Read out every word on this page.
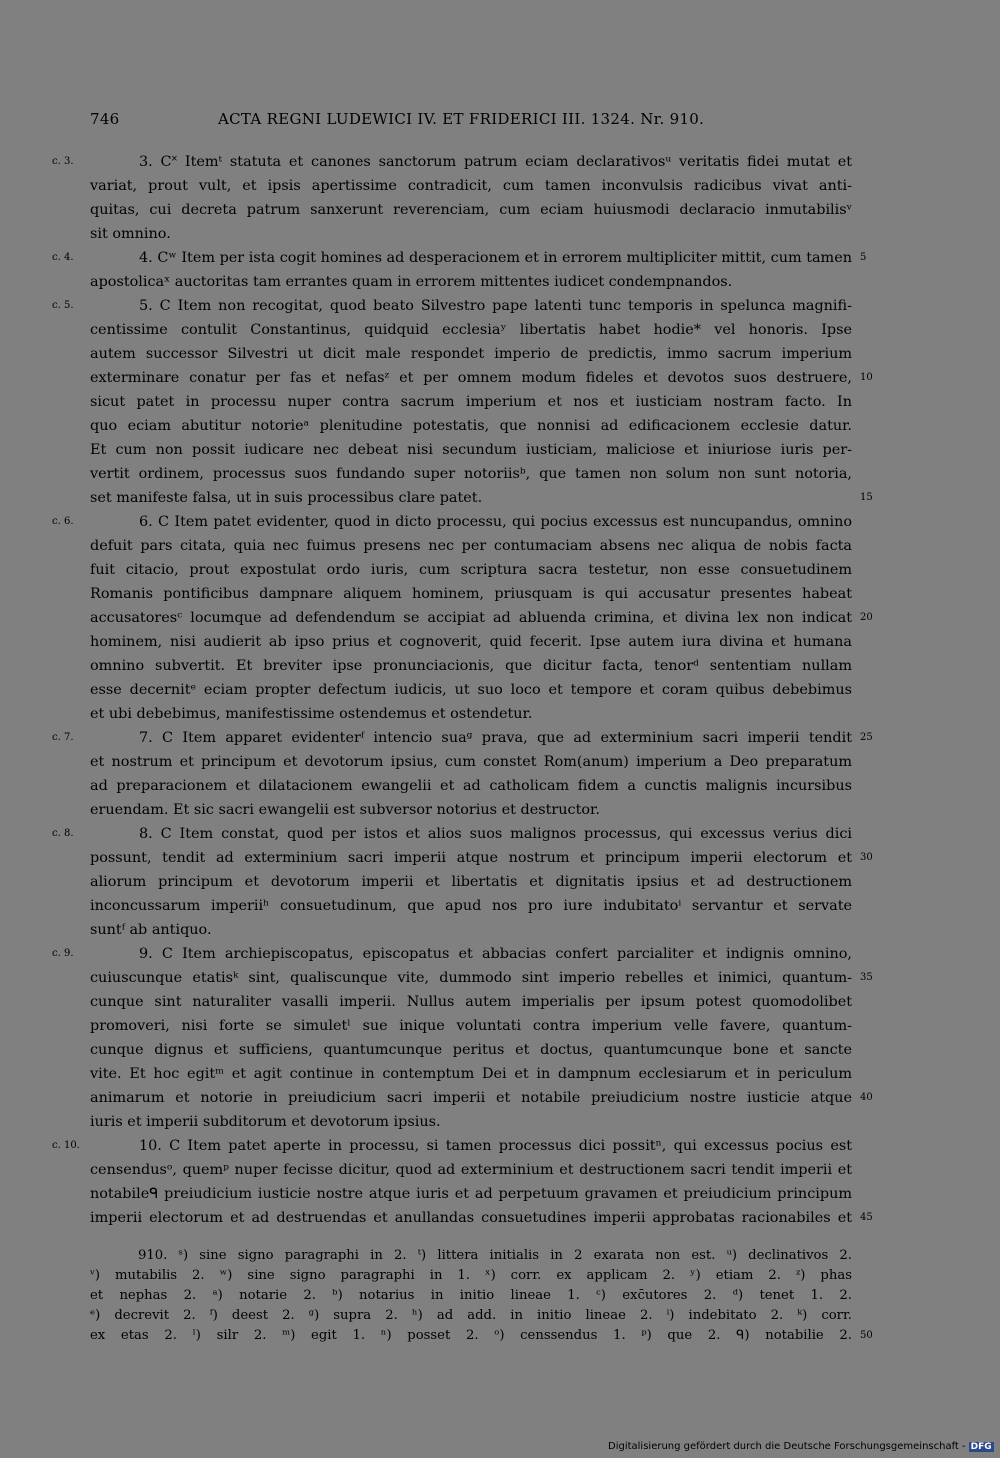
746	ACTA REGNI LUDEWICI IV. ET FRIDERICI III. 1324. Nr. 910.
3. C˟ Itemᵗ statuta et canones sanctorum patrum eciam declarativosᵘ veritatis fidei mutat et
variat, prout vult, et ipsis apertissime contradicit, cum tamen inconvulsis radicibus vivat anti-
quitas, cui decreta patrum sanxerunt reverenciam, cum eciam huiusmodi declaracio inmutabilisᵛ
sit omnino.
4. Cʷ Item per ista cogit homines ad desperacionem et in errorem multipliciter mittit, cum tamen
apostolicaˣ auctoritas tam errantes quam in errorem mittentes iudicet condempnandos.
5. C Item non recogitat, quod beato Silvestro pape latenti tunc temporis in spelunca magnifi-
centissime contulit Constantinus, quidquid ecclesiaʸ libertatis habet hodie* vel honoris. Ipse
autem successor Silvestri ut dicit male respondet imperio de predictis, immo sacrum imperium
exterminare conatur per fas et nefasᶻ et per omnem modum fideles et devotos suos destruere,
sicut patet in processu nuper contra sacrum imperium et nos et iusticiam nostram facto. In
quo eciam abutitur notorieᵃ plenitudine potestatis, que nonnisi ad edificacionem ecclesie datur.
Et cum non possit iudicare nec debeat nisi secundum iusticiam, maliciose et iniuriose iuris per-
vertit ordinem, processus suos fundando super notoriisᵇ, que tamen non solum non sunt notoria,
set manifeste falsa, ut in suis processibus clare patet.
6. C Item patet evidenter, quod in dicto processu, qui pocius excessus est nuncupandus, omnino
defuit pars citata, quia nec fuimus presens nec per contumaciam absens nec aliqua de nobis facta
fuit citacio, prout expostulat ordo iuris, cum scriptura sacra testetur, non esse consuetudinem
Romanis pontificibus dampnare aliquem hominem, priusquam is qui accusatur presentes habeat
accusatoresᶜ locumque ad defendendum se accipiat ad abluenda crimina, et divina lex non indicat
hominem, nisi audierit ab ipso prius et cognoverit, quid fecerit. Ipse autem iura divina et humana
omnino subvertit. Et breviter ipse pronunciacionis, que dicitur facta, tenorᵈ sententiam nullam
esse decernitᵉ eciam propter defectum iudicis, ut suo loco et tempore et coram quibus debebimus
et ubi debebimus, manifestissime ostendemus et ostendetur.
7. C Item apparet evidenterᶠ intencio suaᵍ prava, que ad exterminium sacri imperii tendit
et nostrum et principum et devotorum ipsius, cum constet Rom(anum) imperium a Deo preparatum
ad preparacionem et dilatacionem ewangelii et ad catholicam fidem a cunctis malignis incursibus
eruendam. Et sic sacri ewangelii est subversor notorius et destructor.
8. C Item constat, quod per istos et alios suos malignos processus, qui excessus verius dici
possunt, tendit ad exterminium sacri imperii atque nostrum et principum imperii electorum et
aliorum principum et devotorum imperii et libertatis et dignitatis ipsius et ad destructionem
inconcussarum imperiiʰ consuetudinum, que apud nos pro iure indubitatoⁱ servantur et servate
suntᶠ ab antiquo.
9. C Item archiepiscopatus, episcopatus et abbacias confert parcialiter et indignis omnino,
cuiuscunque etatisᵏ sint, qualiscunque vite, dummodo sint imperio rebelles et inimici, quantum-
cunque sint naturaliter vasalli imperii. Nullus autem imperialis per ipsum potest quomodolibet
promoveri, nisi forte se simuletˡ sue inique voluntati contra imperium velle favere, quantum-
cunque dignus et sufficiens, quantumcunque peritus et doctus, quantumcunque bone et sancte
vite. Et hoc egitᵐ et agit continue in contemptum Dei et in dampnum ecclesiarum et in periculum
animarum et notorie in preiudicium sacri imperii et notabile preiudicium nostre iusticie atque
iuris et imperii subditorum et devotorum ipsius.
10. C Item patet aperte in processu, si tamen processus dici possitⁿ, qui excessus pocius est
censendusᵒ, quemᵖ nuper fecisse dicitur, quod ad exterminium et destructionem sacri tendit imperii et
notabileᑫ preiudicium iusticie nostre atque iuris et ad perpetuum gravamen et preiudicium principum
imperii electorum et ad destruendas et anullandas consuetudines imperii approbatas racionabiles et
c. 3.
c. 4.
c. 5.
c. 6.
c. 7.
c. 8.
c. 9.
c. 10.
5
10
15
20
25
30
35
40
45
910. ˢ) sine signo paragraphi in 2. ᵗ) littera initialis in 2 exarata non est. ᵘ) declinativos 2.
ᵛ) mutabilis 2. ʷ) sine signo paragraphi in 1. ˣ) corr. ex applicam 2. ʸ) etiam 2. ᶻ) phas
et nephas 2. ᵃ) notarie 2. ᵇ) notarius in initio lineae 1. ᶜ) exc̄utores 2. ᵈ) tenet 1. 2.
ᵉ) decrevit 2. ᶠ) deest 2. ᵍ) supra 2. ʰ) ad add. in initio lineae 2. ⁱ) indebitato 2. ᵏ) corr.
ex etas 2. ˡ) silr 2. ᵐ) egit 1. ⁿ) posset 2. ᵒ) censsendus 1. ᵖ) que 2. ᑫ) notabilie 2. 50
Digitalisierung gefördert durch die Deutsche Forschungsgemeinschaft - DFG
